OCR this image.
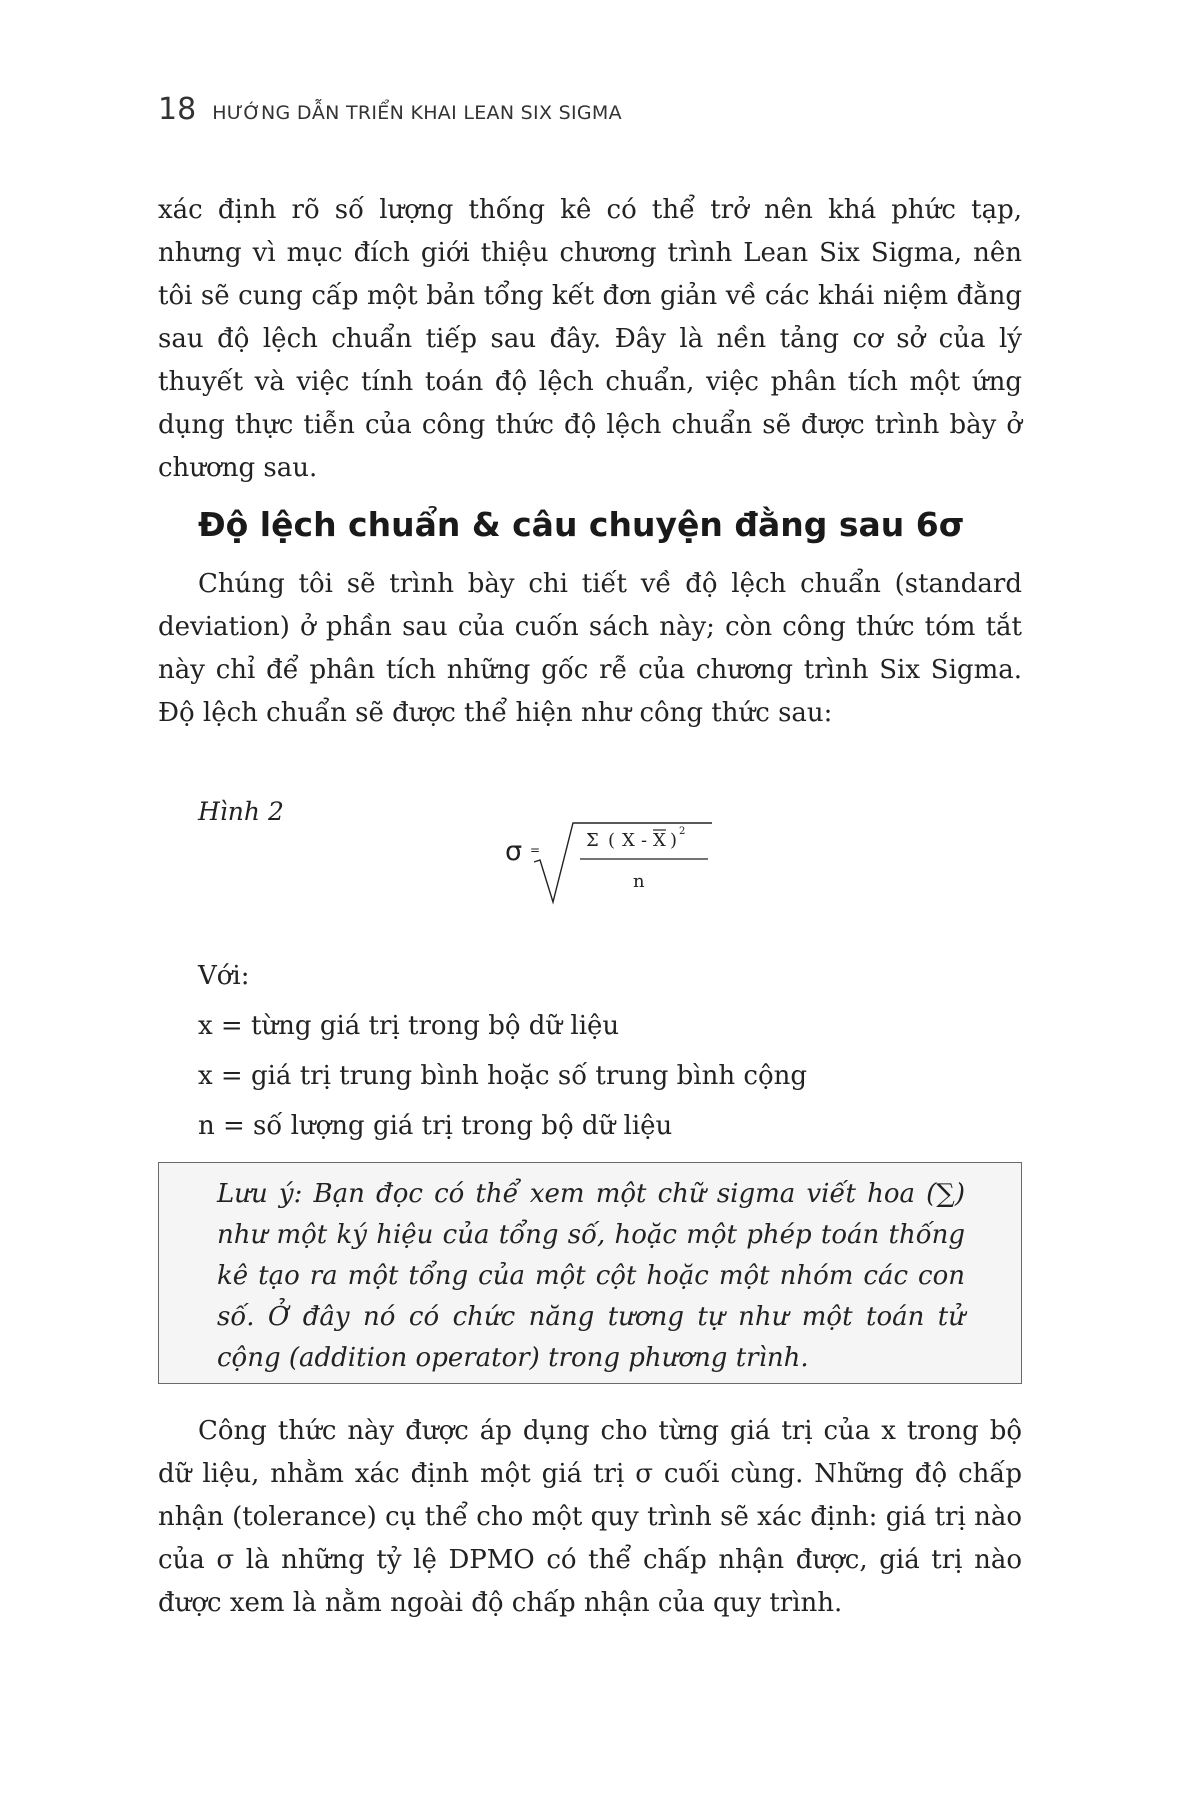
18 HƯỚNG DẪN TRIỂN KHAI LEAN SIX SIGMA

xác định rõ số lượng thống kê có thể trở nên khá phức tạp, nhưng vì mục đích giới thiệu chương trình Lean Six Sigma, nên tôi sẽ cung cấp một bản tổng kết đơn giản về các khái niệm đằng sau độ lệch chuẩn tiếp sau đây. Đây là nền tảng cơ sở của lý thuyết và việc tính toán độ lệch chuẩn, việc phân tích một ứng dụng thực tiễn của công thức độ lệch chuẩn sẽ được trình bày ở chương sau.

Độ lệch chuẩn & câu chuyện đằng sau 6σ

Chúng tôi sẽ trình bày chi tiết về độ lệch chuẩn (standard deviation) ở phần sau của cuốn sách này; còn công thức tóm tắt này chỉ để phân tích những gốc rễ của chương trình Six Sigma. Độ lệch chuẩn sẽ được thể hiện như công thức sau:

Hình 2
σ =	Σ ( X - X ) 2
n
Với:
x = từng giá trị trong bộ dữ liệu
x = giá trị trung bình hoặc số trung bình cộng
n = số lượng giá trị trong bộ dữ liệu

Lưu ý: Bạn đọc có thể xem một chữ sigma viết hoa (∑) như một ký hiệu của tổng số, hoặc một phép toán thống kê tạo ra một tổng của một cột hoặc một nhóm các con số. Ở đây nó có chức năng tương tự như một toán tử cộng (addition operator) trong phương trình.

Công thức này được áp dụng cho từng giá trị của x trong bộ dữ liệu, nhằm xác định một giá trị σ cuối cùng. Những độ chấp nhận (tolerance) cụ thể cho một quy trình sẽ xác định: giá trị nào của σ là những tỷ lệ DPMO có thể chấp nhận được, giá trị nào được xem là nằm ngoài độ chấp nhận của quy trình.
